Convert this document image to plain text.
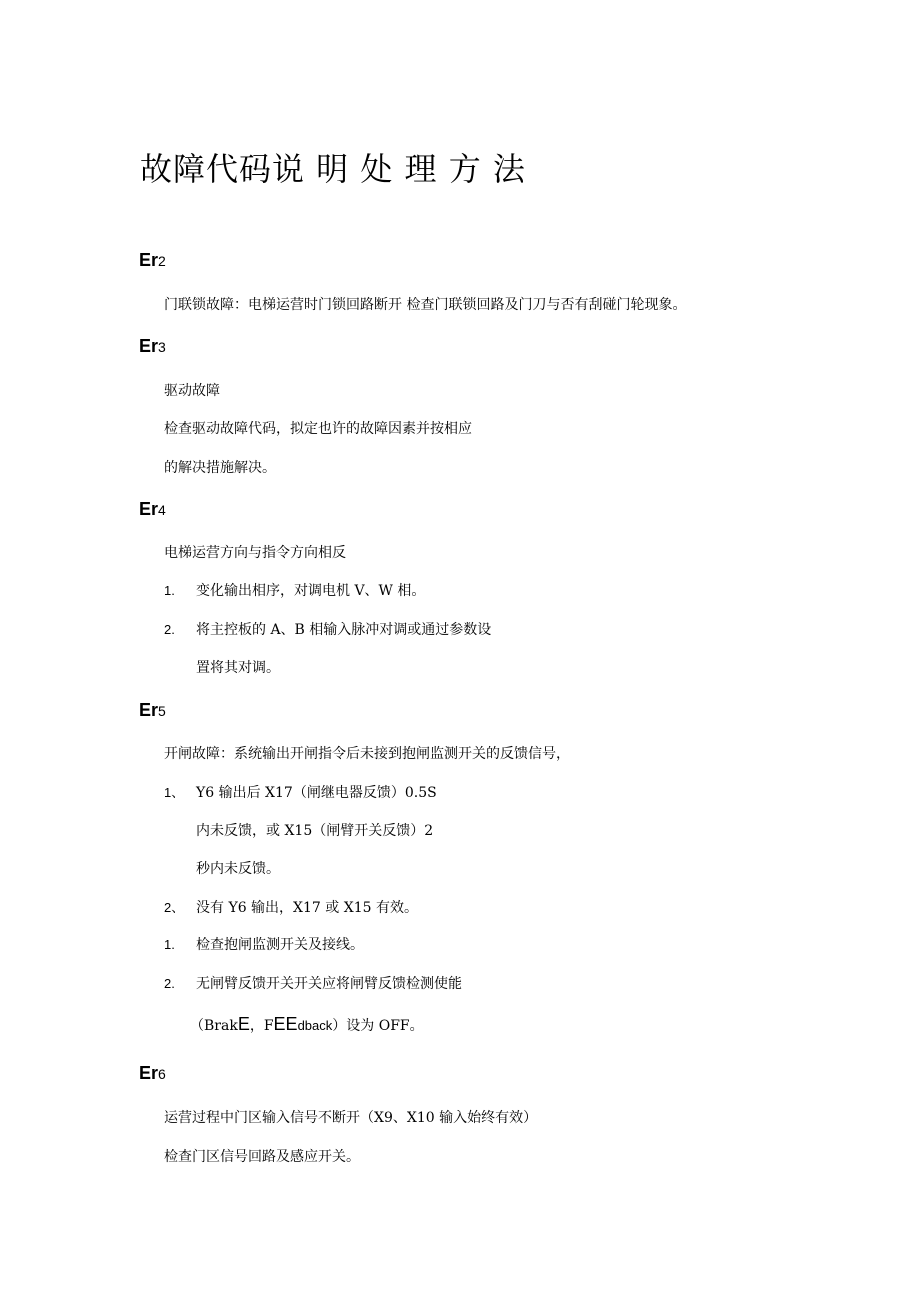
故障代码说 明 处 理 方 法
Er2
门联锁故障：电梯运营时门锁回路断开 检查门联锁回路及门刀与否有刮碰门轮现象。
Er3
驱动故障
检查驱动故障代码，拟定也许的故障因素并按相应
的解决措施解决。
Er4
电梯运营方向与指令方向相反
1. 变化输出相序，对调电机 V、W 相。
2. 将主控板的 A、B 相输入脉冲对调或通过参数设
置将其对调。
Er5
开闸故障：系统输出开闸指令后未接到抱闸监测开关的反馈信号，
1、 Y6 输出后 X17（闸继电器反馈）0.5S
内未反馈，或 X15（闸臂开关反馈）2
秒内未反馈。
2、 没有 Y6 输出，X17 或 X15 有效。
1. 检查抱闸监测开关及接线。
2. 无闸臂反馈开关开关应将闸臂反馈检测使能
（BrakE，FEEdback）设为 OFF。
Er6
运营过程中门区输入信号不断开（X9、X10 输入始终有效）
检查门区信号回路及感应开关。
